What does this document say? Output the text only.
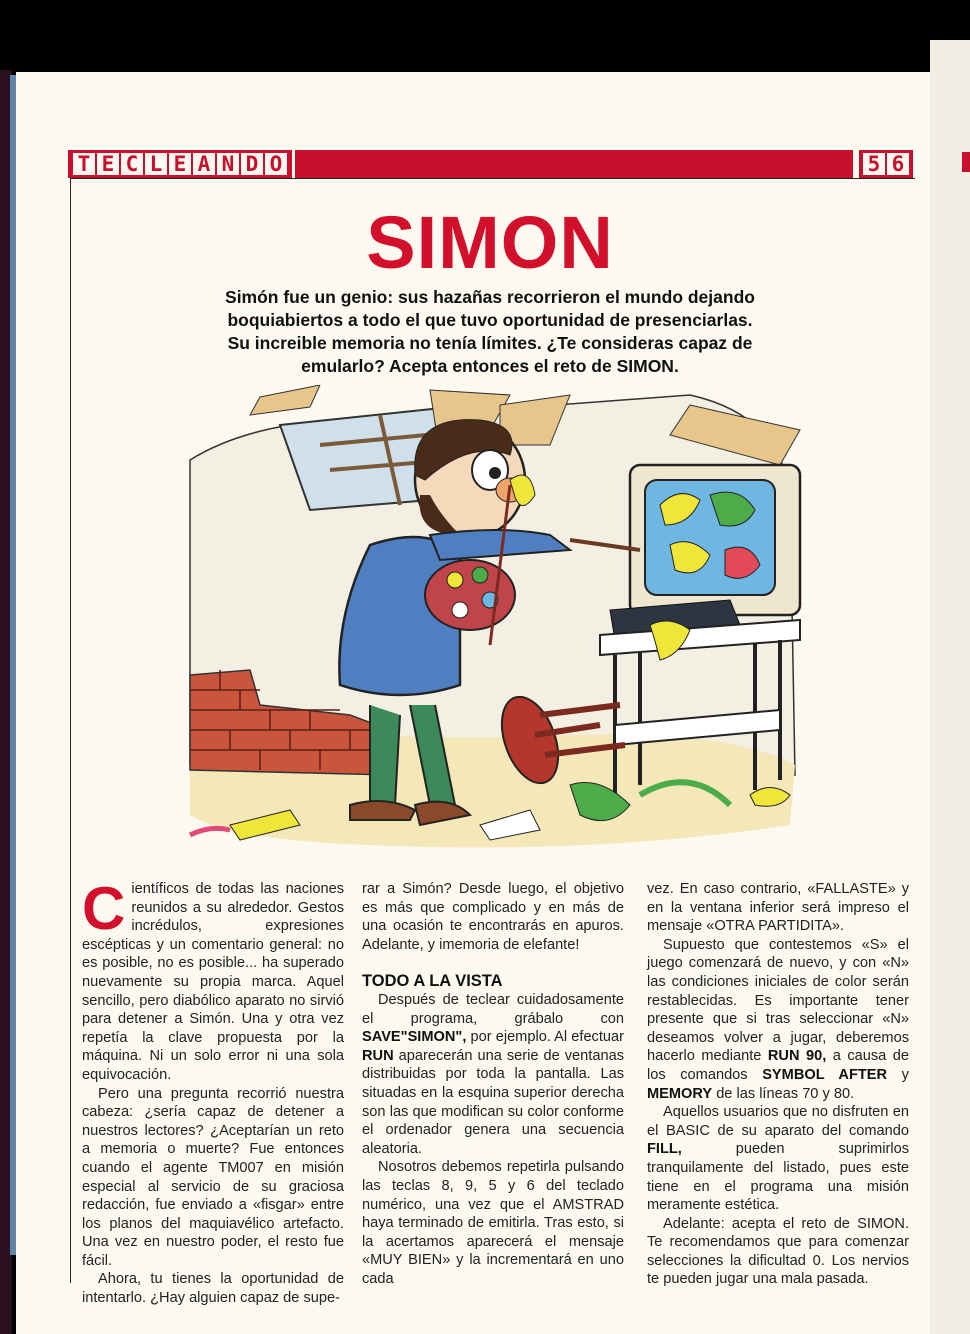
T E C L E A N D O	5 6
SIMON
Simón fue un genio: sus hazañas recorrieron el mundo dejando boquiabiertos a todo el que tuvo oportunidad de presenciarlas. Su increible memoria no tenía límites. ¿Te consideras capaz de emularlo? Acepta entonces el reto de SIMON.

Científicos de todas las naciones reunidos a su alrededor. Gestos incrédulos, expresiones escépticas y un comentario general: no es posible, no es posible... ha superado nuevamente su propia marca. Aquel sencillo, pero diabólico aparato no sirvió para detener a Simón. Una y otra vez repetía la clave propuesta por la máquina. Ni un solo error ni una sola equivocación.

Pero una pregunta recorrió nuestra cabeza: ¿sería capaz de detener a nuestros lectores? ¿Aceptarían un reto a memoria o muerte? Fue entonces cuando el agente TM007 en misión especial al servicio de su graciosa redacción, fue enviado a «fisgar» entre los planos del maquiavélico artefacto. Una vez en nuestro poder, el resto fue fácil.

Ahora, tu tienes la oportunidad de intentarlo. ¿Hay alguien capaz de supe-

rar a Simón? Desde luego, el objetivo es más que complicado y en más de una ocasión te encontrarás en apuros. Adelante, y imemoria de elefante!

TODO A LA VISTA

Después de teclear cuidadosamente el programa, grábalo con SAVE"SIMON", por ejemplo. Al efectuar RUN aparecerán una serie de ventanas distribuidas por toda la pantalla. Las situadas en la esquina superior derecha son las que modifican su color conforme el ordenador genera una secuencia aleatoria.

Nosotros debemos repetirla pulsando las teclas 8, 9, 5 y 6 del teclado numérico, una vez que el AMSTRAD haya terminado de emitirla. Tras esto, si la acertamos aparecerá el mensaje «MUY BIEN» y la incrementará en uno cada

vez. En caso contrario, «FALLASTE» y en la ventana inferior será impreso el mensaje «OTRA PARTIDITA».

Supuesto que contestemos «S» el juego comenzará de nuevo, y con «N» las condiciones iniciales de color serán restablecidas. Es importante tener presente que si tras seleccionar «N» deseamos volver a jugar, deberemos hacerlo mediante RUN 90, a causa de los comandos SYMBOL AFTER y MEMORY de las líneas 70 y 80.

Aquellos usuarios que no disfruten en el BASIC de su aparato del comando FILL, pueden suprimirlos tranquilamente del listado, pues este tiene en el programa una misión meramente estética.

Adelante: acepta el reto de SIMON. Te recomendamos que para comenzar selecciones la dificultad 0. Los nervios te pueden jugar una mala pasada.
